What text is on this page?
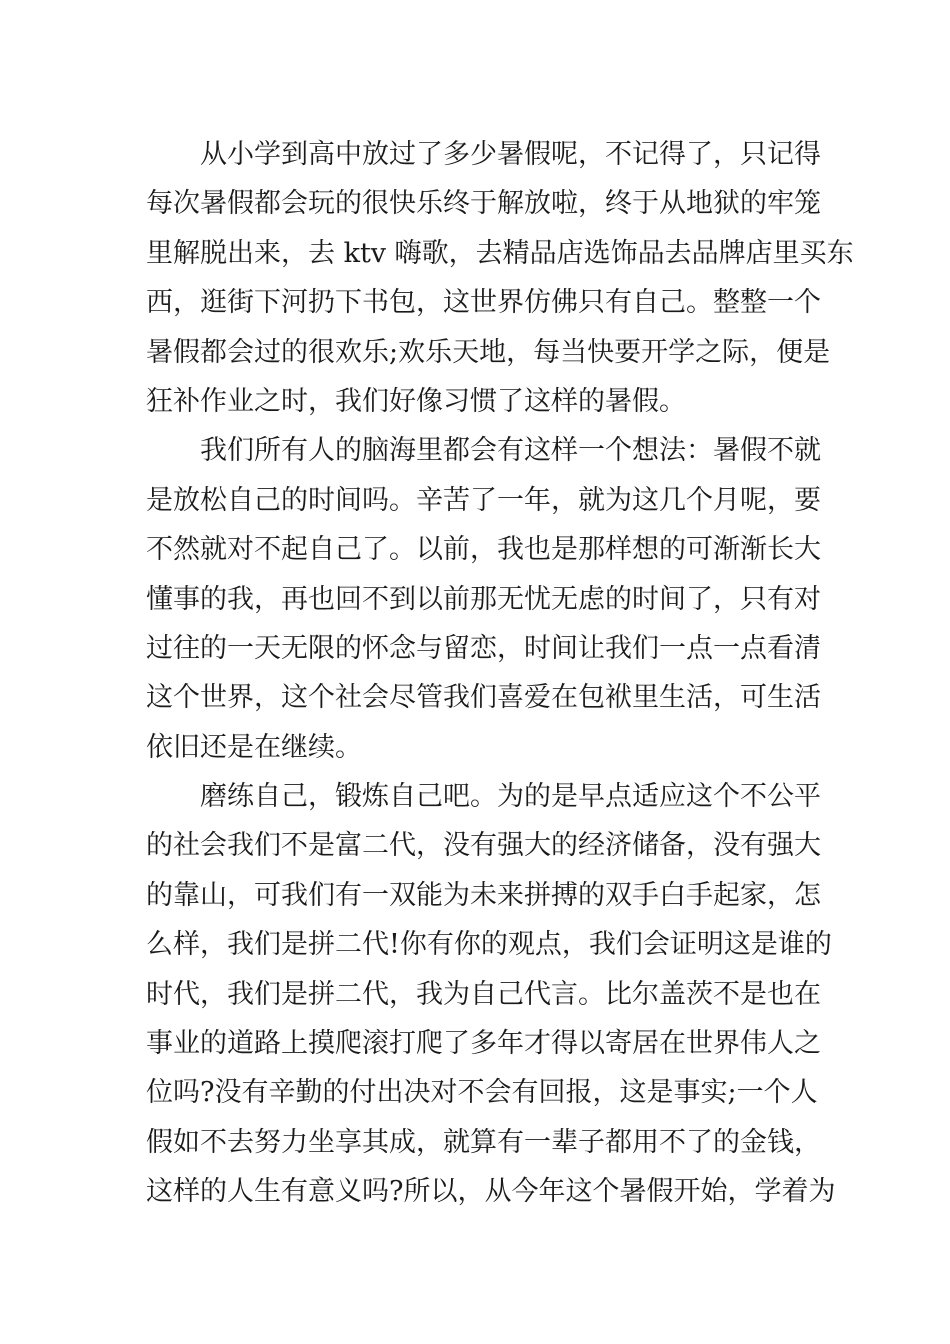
从小学到高中放过了多少暑假呢，不记得了，只记得
每次暑假都会玩的很快乐终于解放啦，终于从地狱的牢笼
里解脱出来，去 ktv 嗨歌，去精品店选饰品去品牌店里买东
西，逛街下河扔下书包，这世界仿佛只有自己。整整一个
暑假都会过的很欢乐;欢乐天地，每当快要开学之际，便是
狂补作业之时，我们好像习惯了这样的暑假。
我们所有人的脑海里都会有这样一个想法：暑假不就
是放松自己的时间吗。辛苦了一年，就为这几个月呢，要
不然就对不起自己了。以前，我也是那样想的可渐渐长大
懂事的我，再也回不到以前那无忧无虑的时间了，只有对
过往的一天无限的怀念与留恋，时间让我们一点一点看清
这个世界，这个社会尽管我们喜爱在包袱里生活，可生活
依旧还是在继续。
磨练自己，锻炼自己吧。为的是早点适应这个不公平
的社会我们不是富二代，没有强大的经济储备，没有强大
的靠山，可我们有一双能为未来拼搏的双手白手起家，怎
么样，我们是拼二代!你有你的观点，我们会证明这是谁的
时代，我们是拼二代，我为自己代言。比尔盖茨不是也在
事业的道路上摸爬滚打爬了多年才得以寄居在世界伟人之
位吗?没有辛勤的付出决对不会有回报，这是事实;一个人
假如不去努力坐享其成，就算有一辈子都用不了的金钱，
这样的人生有意义吗?所以，从今年这个暑假开始，学着为
